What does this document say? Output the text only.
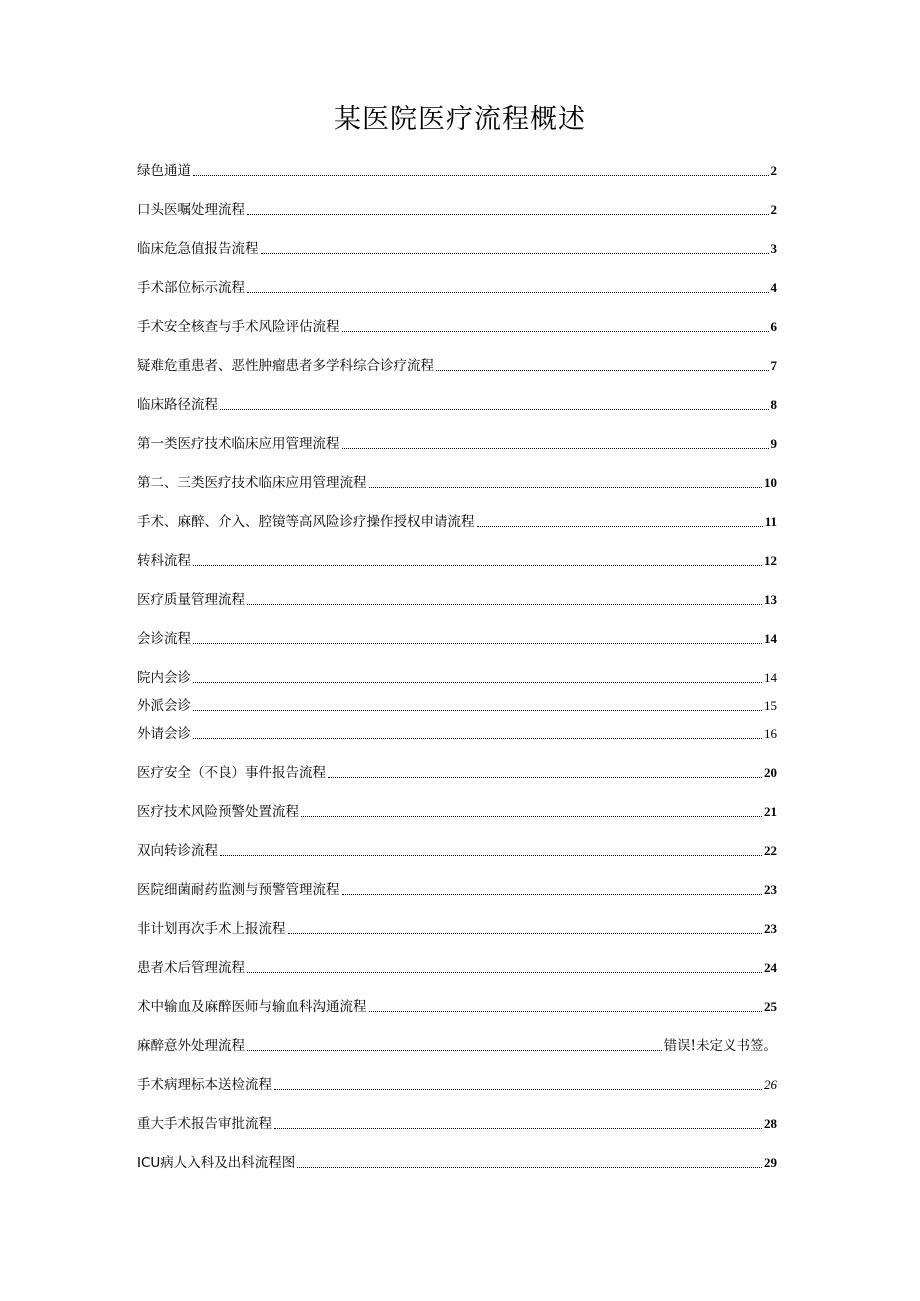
某医院医疗流程概述
绿色通道	2
口头医嘱处理流程	2
临床危急值报告流程	3
手术部位标示流程	4
手术安全核查与手术风险评估流程	6
疑难危重患者、恶性肿瘤患者多学科综合诊疗流程	7
临床路径流程	8
第一类医疗技术临床应用管理流程	9
第二、三类医疗技术临床应用管理流程	10
手术、麻醉、介入、腔镜等高风险诊疗操作授权申请流程	11
转科流程	12
医疗质量管理流程	13
会诊流程	14
院内会诊	14
外派会诊	15
外请会诊	16
医疗安全（不良）事件报告流程	20
医疗技术风险预警处置流程	21
双向转诊流程	22
医院细菌耐药监测与预警管理流程	23
非计划再次手术上报流程	23
患者术后管理流程	24
术中输血及麻醉医师与输血科沟通流程	25
麻醉意外处理流程	错误!未定义书签。
手术病理标本送检流程	26
重大手术报告审批流程	28
ICU病人入科及出科流程图	29
